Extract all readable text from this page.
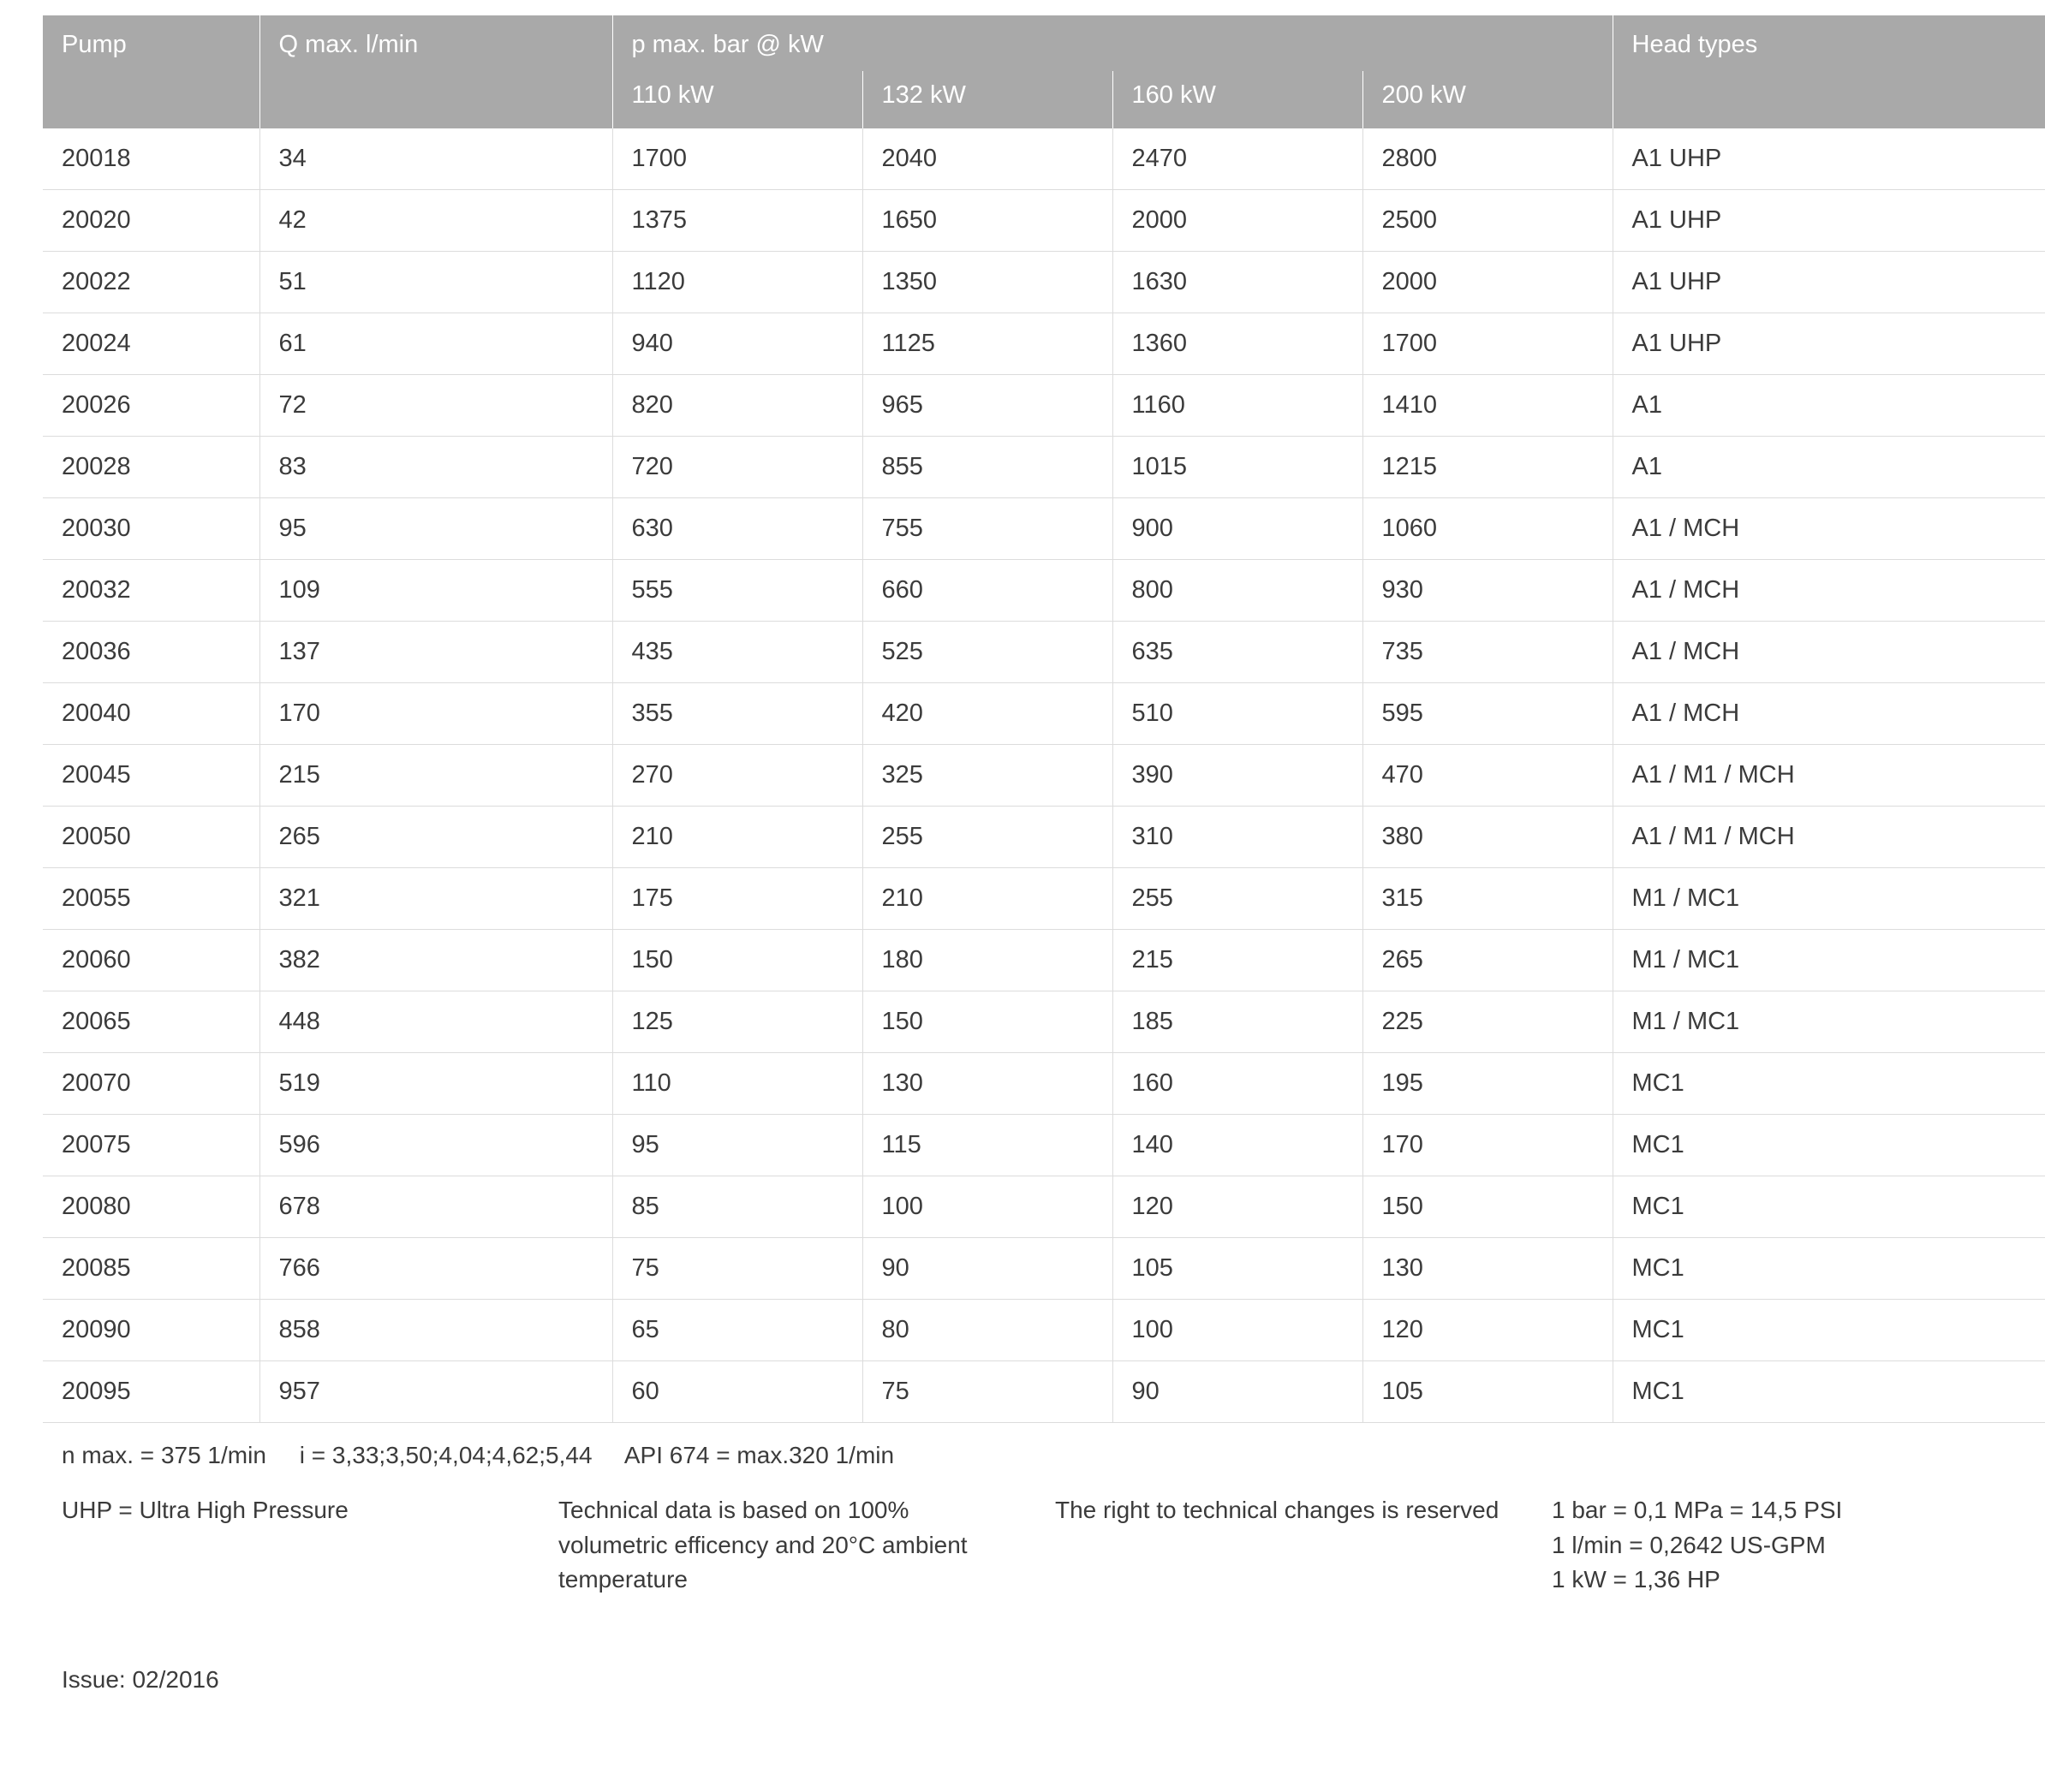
Pump	Q max. l/min	p max. bar @ kW				Head types
		110 kW	132 kW	160 kW	200 kW	
20018	34	1700	2040	2470	2800	A1 UHP
20020	42	1375	1650	2000	2500	A1 UHP
20022	51	1120	1350	1630	2000	A1 UHP
20024	61	940	1125	1360	1700	A1 UHP
20026	72	820	965	1160	1410	A1
20028	83	720	855	1015	1215	A1
20030	95	630	755	900	1060	A1 / MCH
20032	109	555	660	800	930	A1 / MCH
20036	137	435	525	635	735	A1 / MCH
20040	170	355	420	510	595	A1 / MCH
20045	215	270	325	390	470	A1 / M1 / MCH
20050	265	210	255	310	380	A1 / M1 / MCH
20055	321	175	210	255	315	M1 / MC1
20060	382	150	180	215	265	M1 / MC1
20065	448	125	150	185	225	M1 / MC1
20070	519	110	130	160	195	MC1
20075	596	95	115	140	170	MC1
20080	678	85	100	120	150	MC1
20085	766	75	90	105	130	MC1
20090	858	65	80	100	120	MC1
20095	957	60	75	90	105	MC1
n max. = 375 1/min     i = 3,33;3,50;4,04;4,62;5,44     API 674 = max.320 1/min
UHP = Ultra High Pressure	Technical data is based on 100%
volumetric efficency and 20°C ambient
temperature
The right to technical changes is reserved	1 bar = 0,1 MPa = 14,5 PSI
1 l/min = 0,2642 US-GPM
1 kW = 1,36 HP
Issue: 02/2016
